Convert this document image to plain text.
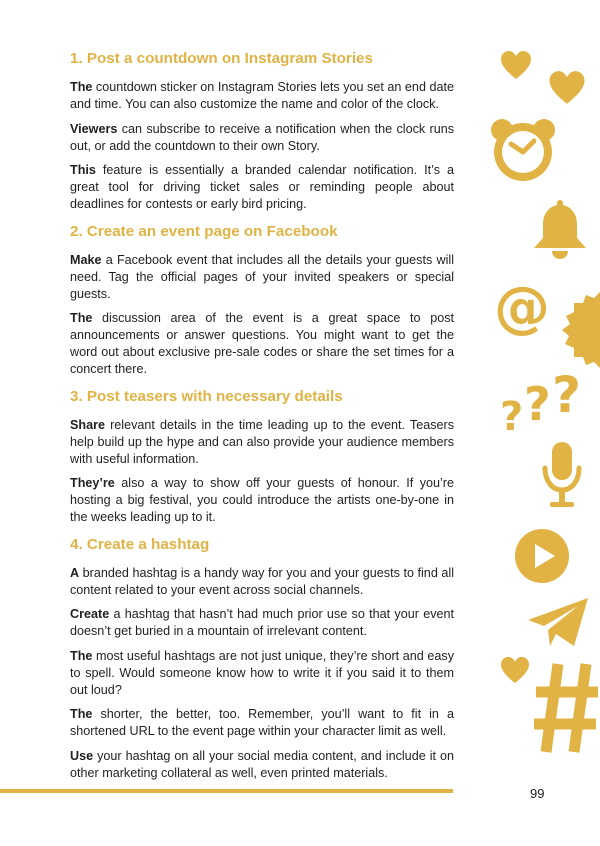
1. Post a countdown on Instagram Stories

The countdown sticker on Instagram Stories lets you set an end date and time. You can also customize the name and color of the clock.

Viewers can subscribe to receive a notification when the clock runs out, or add the countdown to their own Story.

This feature is essentially a branded calendar notification. It’s a great tool for driving ticket sales or reminding people about deadlines for contests or early bird pricing.

2. Create an event page on Facebook

Make a Facebook event that includes all the details your guests will need. Tag the official pages of your invited speakers or special guests.

The discussion area of the event is a great space to post announcements or answer questions. You might want to get the word out about exclusive pre-sale codes or share the set times for a concert there.

3. Post teasers with necessary details

Share relevant details in the time leading up to the event. Teasers help build up the hype and can also provide your audience members with useful information.

They’re also a way to show off your guests of honour. If you’re hosting a big festival, you could introduce the artists one-by-one in the weeks leading up to it.

4. Create a hashtag

A branded hashtag is a handy way for you and your guests to find all content related to your event across social channels.

Create a hashtag that hasn’t had much prior use so that your event doesn’t get buried in a mountain of irrelevant content.

The most useful hashtags are not just unique, they’re short and easy to spell. Would someone know how to write it if you said it to them out loud?

The shorter, the better, too. Remember, you’ll want to fit in a shortened URL to the event page within your character limit as well.

Use your hashtag on all your social media content, and include it on other marketing collateral as well, even printed materials.

@
? ? ?
99
